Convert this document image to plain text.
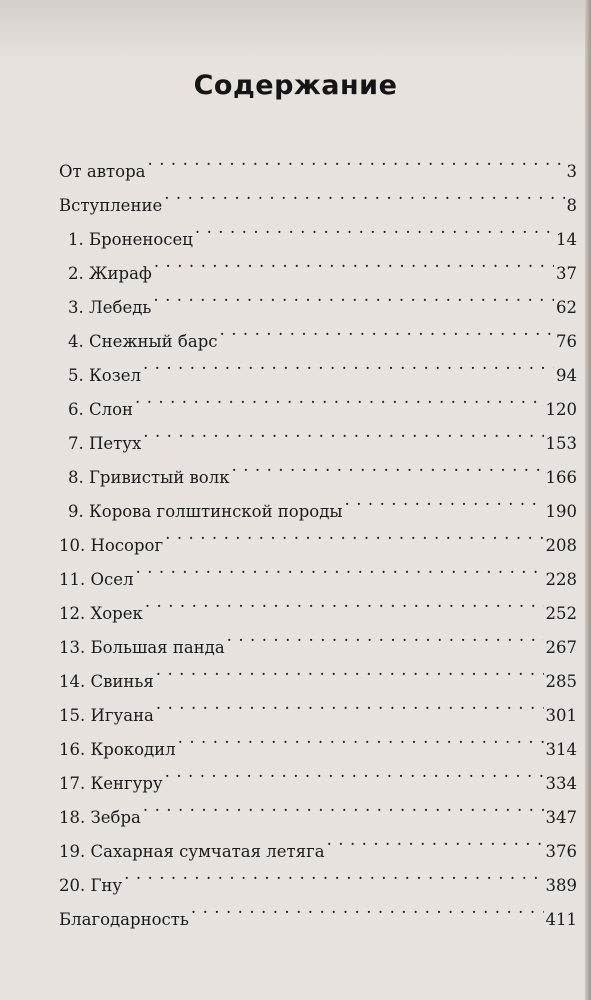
Содержание
От автора . . .	3
Вступление . . .	8
1. Броненосец . . .	14
2. Жираф . . .	37
3. Лебедь . . .	62
4. Снежный барс . . .	76
5. Козел . . .	94
6. Слон . . .	120
7. Петух . . .	153
8. Гривистый волк . . .	166
9. Корова голштинской породы . . .	190
10. Носорог . . .	208
11. Осел . . .	228
12. Хорек . . .	252
13. Большая панда . . .	267
14. Свинья . . .	285
15. Игуана . . .	301
16. Крокодил . . .	314
17. Кенгуру . . .	334
18. Зебра . . .	347
19. Сахарная сумчатая летяга . . .	376
20. Гну . . .	389
Благодарность . . .	411
